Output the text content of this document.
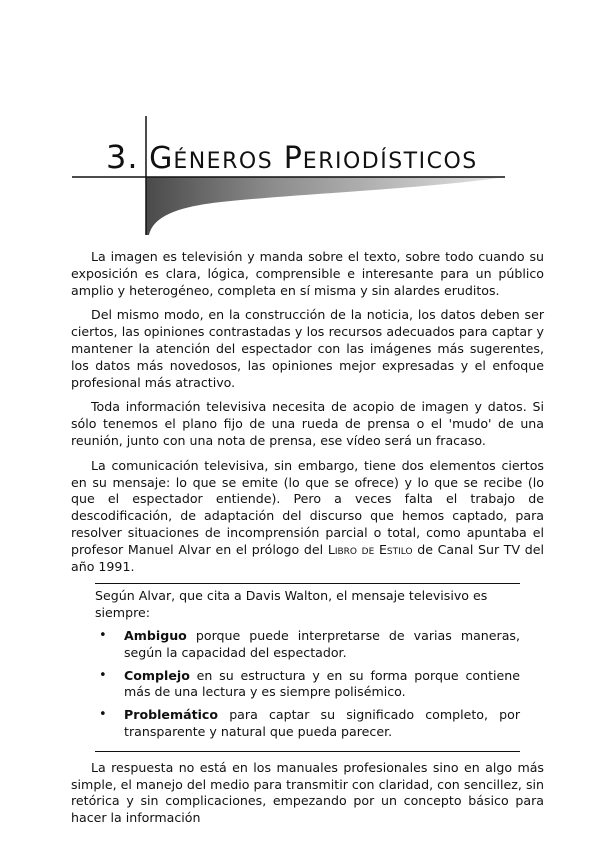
3. GÉNEROS PERIODÍSTICOS

La imagen es televisión y manda sobre el texto, sobre todo cuando su exposición es clara, lógica, comprensible e interesante para un público amplio y heterogéneo, completa en sí misma y sin alardes eruditos.

Del mismo modo, en la construcción de la noticia, los datos deben ser ciertos, las opiniones contrastadas y los recursos adecuados para captar y mantener la atención del espectador con las imágenes más sugerentes, los datos más novedosos, las opiniones mejor expresadas y el enfoque profesional más atractivo.

Toda información televisiva necesita de acopio de imagen y datos. Si sólo tenemos el plano fijo de una rueda de prensa o el 'mudo' de una reunión, junto con una nota de prensa, ese vídeo será un fracaso.

La comunicación televisiva, sin embargo, tiene dos elementos ciertos en su mensaje: lo que se emite (lo que se ofrece) y lo que se recibe (lo que el espectador entiende). Pero a veces falta el trabajo de descodificación, de adaptación del discurso que hemos captado, para resolver situaciones de incomprensión parcial o total, como apuntaba el profesor Manuel Alvar en el prólogo del Libro de Estilo de Canal Sur TV del año 1991.

Según Alvar, que cita a Davis Walton, el mensaje televisivo es siempre:

• Ambiguo porque puede interpretarse de varias maneras, según la capacidad del espectador.
• Complejo en su estructura y en su forma porque contiene más de una lectura y es siempre polisémico.
• Problemático para captar su significado completo, por transparente y natural que pueda parecer.

La respuesta no está en los manuales profesionales sino en algo más simple, el manejo del medio para transmitir con claridad, con sencillez, sin retórica y sin complicaciones, empezando por un concepto básico para hacer la información
